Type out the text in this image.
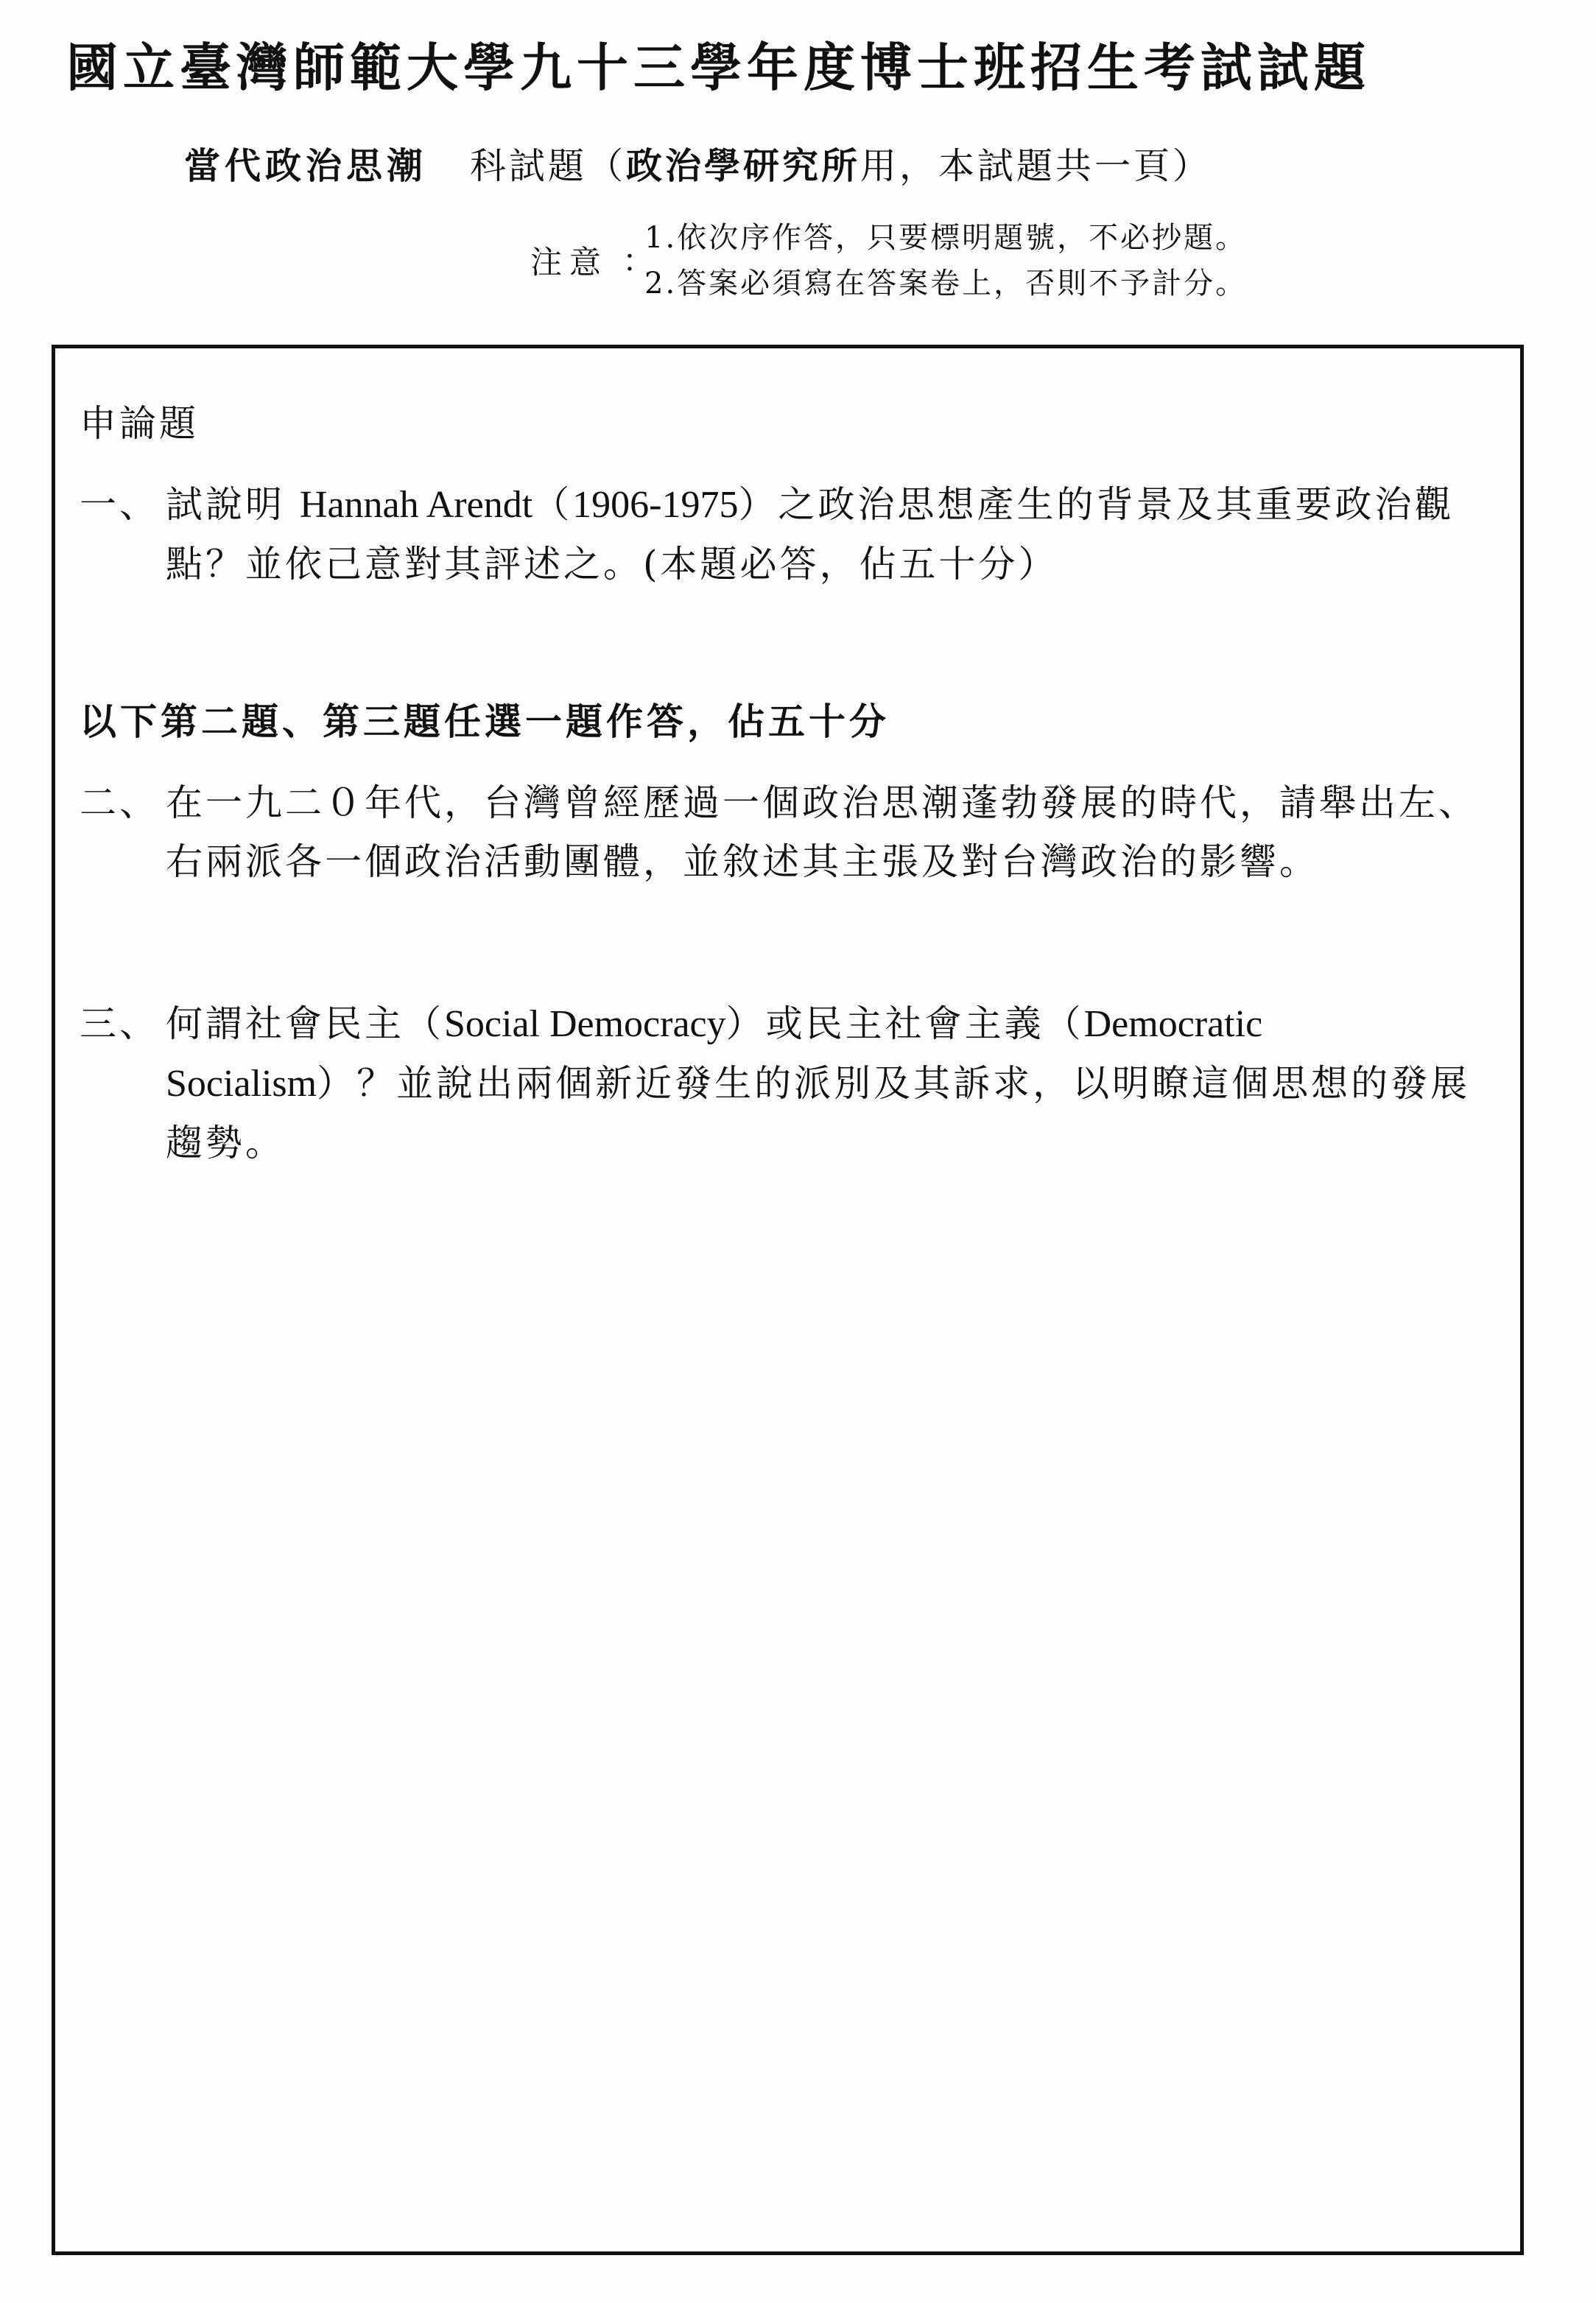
國立臺灣師範大學九十三學年度博士班招生考試試題
當代政治思潮 科試題（政治學研究所用，本試題共一頁）
注意 ：
1.依次序作答，只要標明題號，不必抄題。
2.答案必須寫在答案卷上，否則不予計分。
申論題
一、 試說明 Hannah Arendt（1906-1975）之政治思想產生的背景及其重要政治觀點？並依己意對其評述之。(本題必答，佔五十分）
以下第二題、第三題任選一題作答，佔五十分
二、 在一九二０年代，台灣曾經歷過一個政治思潮蓬勃發展的時代，請舉出左、右兩派各一個政治活動團體，並敘述其主張及對台灣政治的影響。
三、 何謂社會民主（Social Democracy）或民主社會主義（Democratic Socialism）？並說出兩個新近發生的派別及其訴求，以明瞭這個思想的發展趨勢。
